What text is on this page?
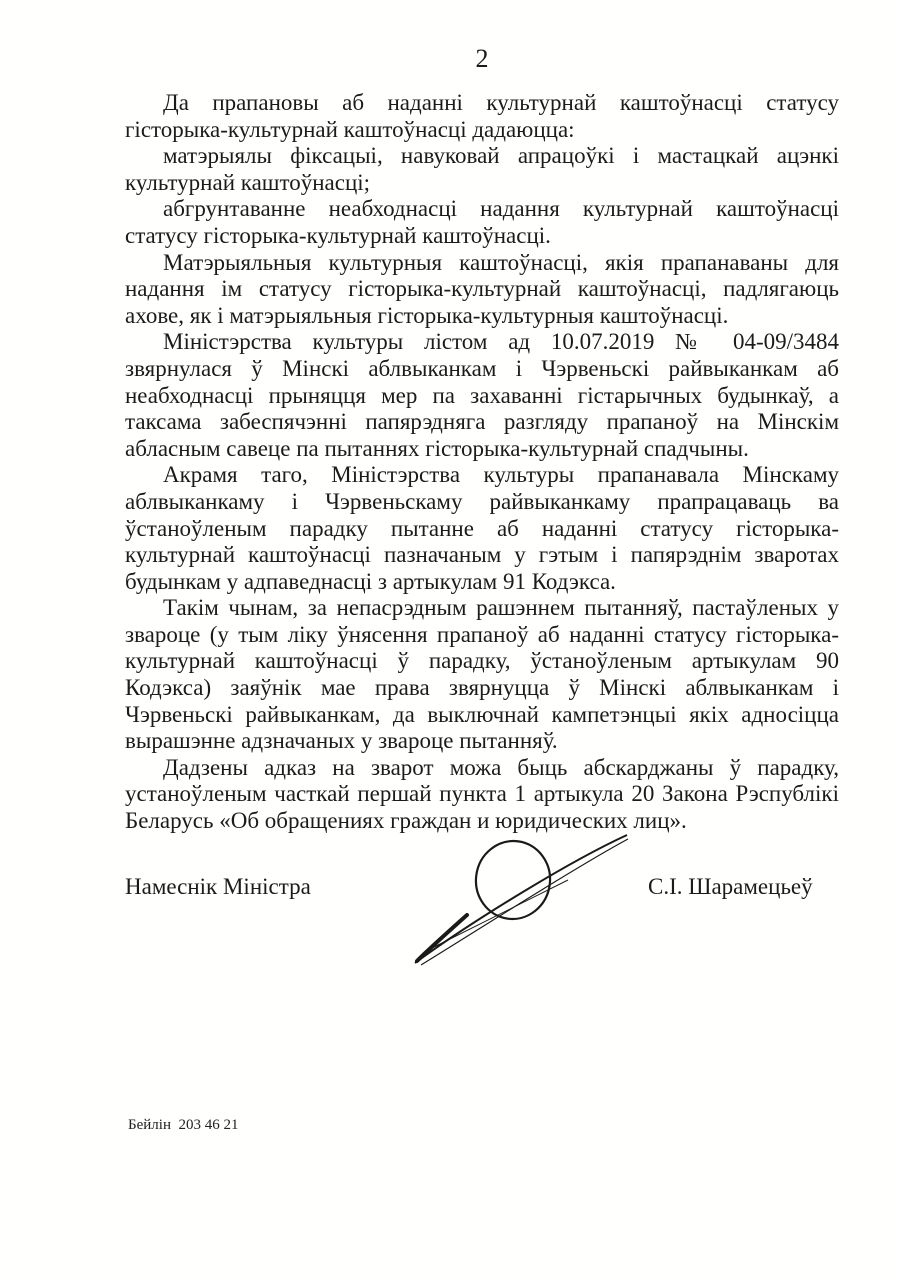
2

Да прапановы аб наданні культурнай каштоўнасці статусу гісторыка-культурнай каштоўнасці дадаюцца:

матэрыялы фіксацыі, навуковай апрацоўкі і мастацкай ацэнкі культурнай каштоўнасці;

абгрунтаванне неабходнасці надання культурнай каштоўнасці статусу гісторыка-культурнай каштоўнасці.

Матэрыяльныя культурныя каштоўнасці, якія прапанаваны для надання ім статусу гісторыка-культурнай каштоўнасці, падлягаюць ахове, як і матэрыяльныя гісторыка-культурныя каштоўнасці.

Міністэрства культуры лістом ад 10.07.2019 № 04-09/3484 звярнулася ў Мінскі аблвыканкам і Чэрвеньскі райвыканкам аб неабходнасці прыняцця мер па захаванні гістарычных будынкаў, а таксама забеспячэнні папярэдняга разгляду прапаноў на Мінскім абласным савеце па пытаннях гісторыка-культурнай спадчыны.

Акрамя таго, Міністэрства культуры прапанавала Мінскаму аблвыканкаму і Чэрвеньскаму райвыканкаму прапрацаваць ва ўстаноўленым парадку пытанне аб наданні статусу гісторыка-культурнай каштоўнасці пазначаным у гэтым і папярэднім зваротах будынкам у адпаведнасці з артыкулам 91 Кодэкса.

Такім чынам, за непасрэдным рашэннем пытанняў, пастаўленых у звароце (у тым ліку ўнясення прапаноў аб наданні статусу гісторыка-культурнай каштоўнасці ў парадку, ўстаноўленым артыкулам 90 Кодэкса) заяўнік мае права звярнуцца ў Мінскі аблвыканкам і Чэрвеньскі райвыканкам, да выключнай кампетэнцыі якіх адносіцца вырашэнне адзначаных у звароце пытанняў.

Дадзены адказ на зварот можа быць абскарджаны ў парадку, устаноўленым часткай першай пункта 1 артыкула 20 Закона Рэспублікі Беларусь «Об обращениях граждан и юридических лиц».

Намеснік Міністра	С.І. Шарамецьеў
Бейлін  203 46 21
